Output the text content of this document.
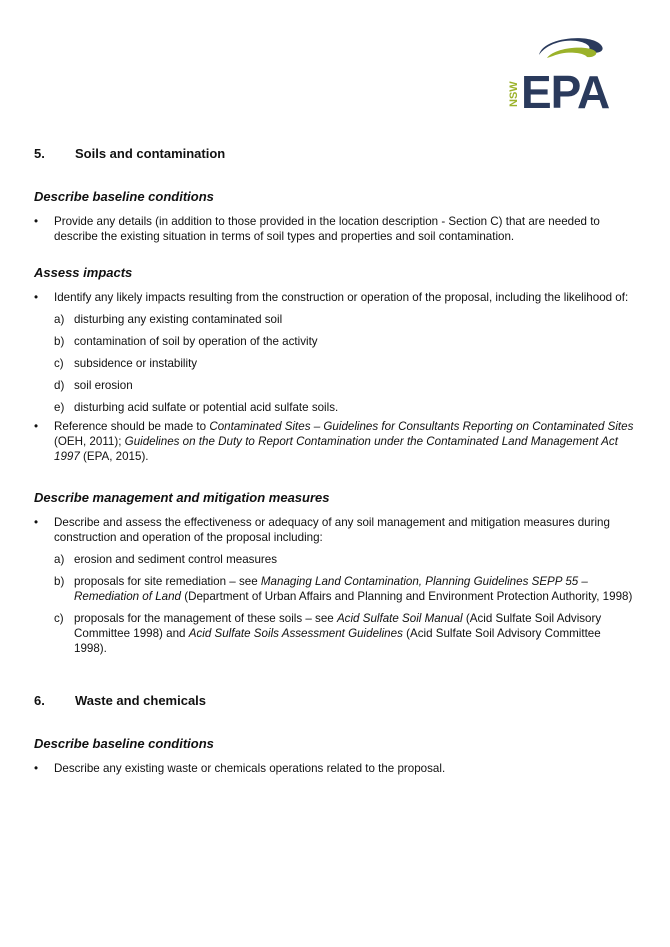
NSW EPA
5.	Soils and contamination
Describe baseline conditions
• Provide any details (in addition to those provided in the location description - Section C) that are needed to describe the existing situation in terms of soil types and properties and soil contamination.
Assess impacts
• Identify any likely impacts resulting from the construction or operation of the proposal, including the likelihood of:
a) disturbing any existing contaminated soil
b) contamination of soil by operation of the activity
c) subsidence or instability
d) soil erosion
e) disturbing acid sulfate or potential acid sulfate soils.
• Reference should be made to Contaminated Sites – Guidelines for Consultants Reporting on Contaminated Sites (OEH, 2011); Guidelines on the Duty to Report Contamination under the Contaminated Land Management Act 1997 (EPA, 2015).
Describe management and mitigation measures
• Describe and assess the effectiveness or adequacy of any soil management and mitigation measures during construction and operation of the proposal including:
a) erosion and sediment control measures
b) proposals for site remediation – see Managing Land Contamination, Planning Guidelines SEPP 55 – Remediation of Land (Department of Urban Affairs and Planning and Environment Protection Authority, 1998)
c) proposals for the management of these soils – see Acid Sulfate Soil Manual (Acid Sulfate Soil Advisory Committee 1998) and Acid Sulfate Soils Assessment Guidelines (Acid Sulfate Soil Advisory Committee 1998).
6.	Waste and chemicals
Describe baseline conditions
• Describe any existing waste or chemicals operations related to the proposal.
